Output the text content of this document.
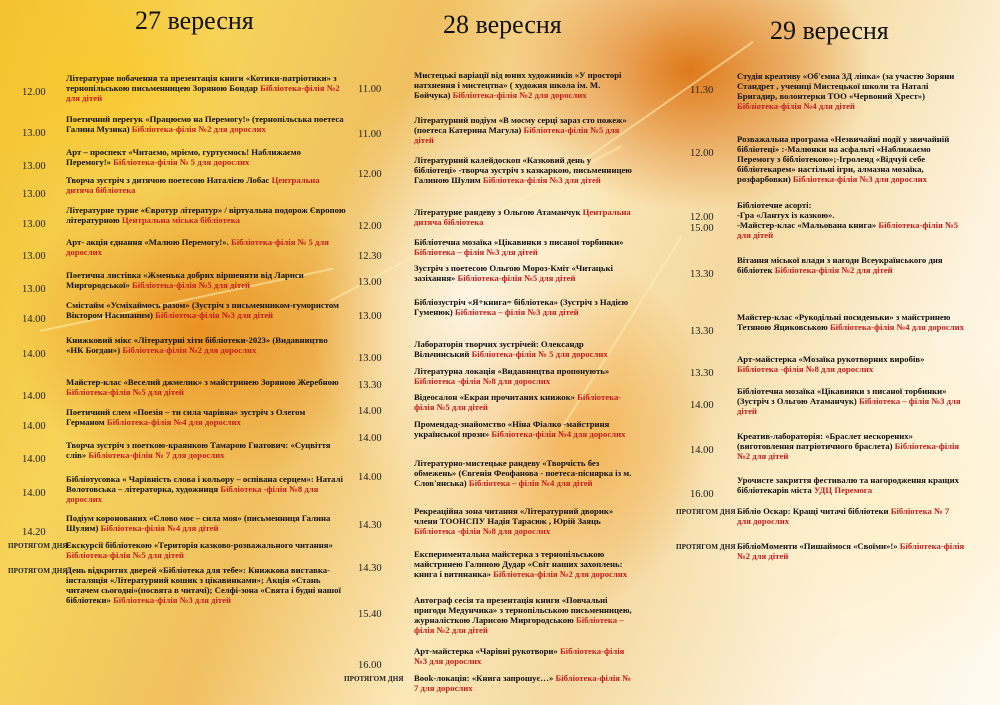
27 вересня	28 вересня	29 вересня
12.00
Літературне побачення та презентація книги «Котики-патріотики» з тернопільською письменницею Зоряною Бондар Бібліотека-філія №2 для дітей
13.00
Поетичний перегук «Працюємо на Перемогу!» (тернопільська поетеса Галина Музика) Бібліотека-філія №2 для дорослих
13.00
Арт – проспект «Читаємо, мріємо, гуртуємось! Наближаємо Перемогу!» Бібліотека-філія № 5 для дорослих
13.00
Творча зустріч з дитячою поетесою Наталією Лобас Центральна дитяча бібліотека
13.00
Літературне турне «Євротур літератур» / віртуальна подорож Європою літературною Центральна міська бібліотека
13.00
Арт- акція єднання «Малюю Перемогу!». Бібліотека-філія № 5 для дорослих
13.00
Поетична листівка «Жменька добрих віршеняти від Лариси Миргородської» Бібліотека-філія №5 для дітей
14.00
Смістайм «Усміхаймось разом» (Зустріч з письменником-гумористом Віктором Насипаним) Бібліотека-філія №3 для дітей
14.00
Книжковий мікс «Літературні хіти бібліотеки-2023» (Видавництво «НК Богдан») Бібліотека-філія №2 для дорослих
14.00
Майстер-клас «Веселий джмелик» з майстринею Зоряною Жеребною Бібліотека-філія №5 для дітей
14.00
Поетичний слем «Поезія – ти сила чарівна» зустріч з Олегом Германом Бібліотека-філія №4 для дорослих
14.00
Творча зустріч з поеткою-краянкою Тамарою Гнатович: «Суцвіття слів» Бібліотека-філія № 7 для дорослих
14.00
Бібліотусовка « Чарівність слова і кольору – оспівана серцем»: Наталі Волотовська – літераторка, художниця Бібліотека -філія №8 для дорослих
14.20
Подіум коронованих «Слово моє – сила моя» (письменниця Галина Шулим) Бібліотека-філія №4 для дітей
ПРОТЯГОМ ДНЯ
Екскурсії бібліотекою «Територія казково-розважального читання» Бібліотека-філія №5 для дітей
ПРОТЯГОМ ДНЯ
День відкритих дверей «Бібліотека для тебе»: Книжкова виставка-інсталяція «Літературний кошик з цікавинками»; Акція «Стань читачем сьогодні»(посвята в читачі); Селфі-зона «Свята і будні нашої бібліотеки» Бібліотека-філія №3 для дітей
11.00
Мистецькі варіації від юних художників «У просторі натхнення і мистецтва» ( художня школа ім. М. Бойчука) Бібліотека-філія №2 для дорослих
11.00
Літературний подіум «В мосму серці зараз сто пожеж» (поетеса Катерина Магула) Бібліотека-філія №5 для дітей
12.00
Літературний калейдоскоп «Казковий день у бібліотеці» -творча зустріч з казкаркою, письменницею Галиною Шулим Бібліотека-філія №3 для дітей
12.00
Літературне рандеву з Ольгою Атаманчук Центральна дитяча бібліотека
12.30
Бібліотечна мозаїка «Цікавинки з писаної торбинки» Бібліотека – філія №3 для дітей
13.00
Зустріч з поетесою Ольгою Мороз-Кміт «Читацькі зазіхання» Бібліотека-філія №5 для дітей
13.00
Бібліозустріч «Я+книга= бібліотека» (Зустріч з Надією Гуменюк) Бібліотека – філія №3 для дітей
13.00
Лабораторія творчих зустрічей: Олександр Вільчинський Бібліотека-філія № 5 для дорослих
13.30
Літературна локація «Видавництва пропонують» Бібліотека -філія №8 для дорослих
14.00
Відеосалон «Екран прочитаних книжок» Бібліотека-філія №5 для дітей
14.00
Промендад-знайомство «Ніна Фіалко -майстриня української прози» Бібліотека-філія №4 для дорослих
14.00
Літературно-мистецьке рандеву «Творчість без обмежень» (Євгенія Феофанова - поетеса-піснярка із м. Слов'янська) Бібліотека – філія №4 для дітей
14.30
Рекреаційна зона читання «Літературний дворик» члени ТООНСПУ Надія Тарасюк , Юрій Заяць Бібліотека -філія №8 для дорослих
14.30
Експериментальна майстерка з тернопільською майстринею Галиною Дудар «Світ наших захоплень: книга і витинанка» Бібліотека-філія №2 для дорослих
15.40
Автограф сесія та презентація книги «Повчальні пригоди Медунчика» з тернопільською письменницею, журналісткою Ларисою Миргородською Бібліотека – філія №2 для дітей
16.00
Арт-майстерка «Чарівні рукотвори» Бібліотека-філія №3 для дорослих
ПРОТЯГОМ ДНЯ Book-локація: «Книга запрошує…» Бібліотека-філія № 7 для дорослих
11.30
Студія креативу «Об'ємна 3Д ліпка» (за участю Зоряни Стандрет , учениці Мистецької школи та Наталі Бригадир, волонтерки ТОО «Червоний Хрест») Бібліотека-філія №4 для дітей
12.00
Розважальна програма «Незвичайні події у звичайній бібліотеці» :-Малюнки на асфальті «Наближаємо Перемогу з бібліотекою»;-Ігроленд «Відчуй себе бібліотекарем» настільні ігри, алмазна мозаїка, розфарбовки) Бібліотека-філія №3 для дорослих
12.00
15.00
Бібліотечне асорті:
-Гра «Лантух із казкою».
-Майстер-клас «Мальована книга» Бібліотека-філія №5 для дітей
13.30
Вітання міської влади з нагоди Всеукраїнського дня бібліотек Бібліотека-філія №2 для дітей
13.30
Майстер-клас «Рукодільні посиденьки» з майстринею Тетяною Яциковською Бібліотека-філія №4 для дорослих
13.30
Арт-майстерка «Мозаїка рукотворних виробів» Бібліотека -філія №8 для дорослих
14.00
Бібліотечна мозаїка «Цікавинки з писаної торбинки» (Зустріч з Ольгою Атаманчук) Бібліотека – філія №3 для дітей
14.00
Креатив-лабораторія: «Браслет нескорених» (виготовлення патріотичного браслета) Бібліотека-філія №2 для дітей
16.00
Урочисте закриття фестивалю та нагородження кращих бібліотекарів міста УДЦ Перемога
ПРОТЯГОМ ДНЯ Бібліо Оскар: Кращі читачі бібліотеки Бібліотека № 7 для дорослих
ПРОТЯГОМ ДНЯ БібліоМоменти «Пишаймося «Своїми»!» Бібліотека-філія №2 для дітей
